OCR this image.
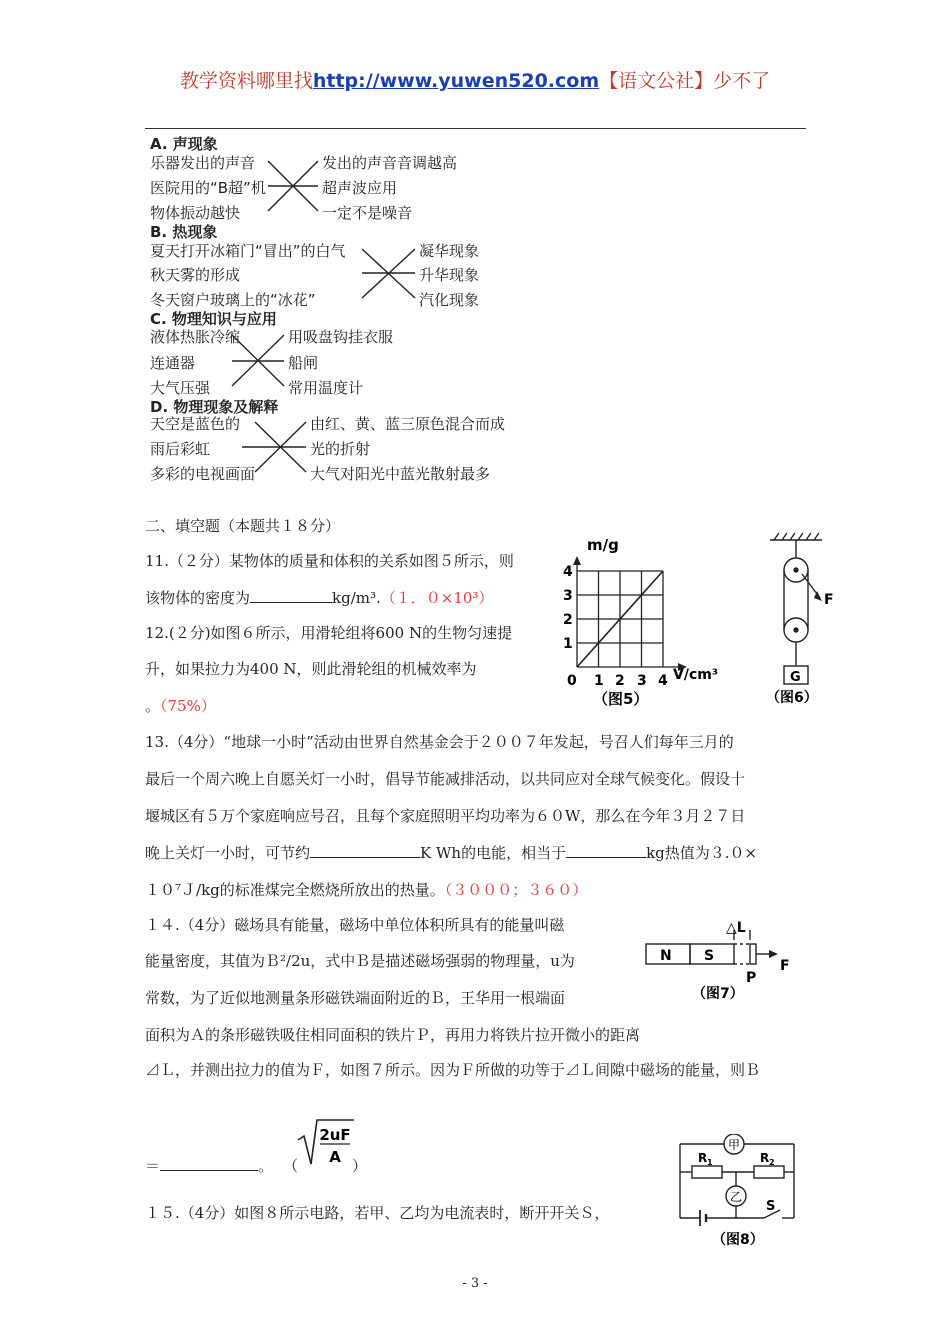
教学资料哪里找http://www.yuwen520.com【语文公社】少不了
A. 声现象
乐器发出的声音
医院用的“B超”机
物体振动越快
发出的声音音调越高
超声波应用
一定不是噪音
B. 热现象
夏天打开冰箱门“冒出”的白气
秋天雾的形成
冬天窗户玻璃上的“冰花”
凝华现象
升华现象
汽化现象
C. 物理知识与应用
液体热胀冷缩
连通器
大气压强
用吸盘钩挂衣服
船闸
常用温度计
D. 物理现象及解释
天空是蓝色的
雨后彩虹
多彩的电视画面
由红、黄、蓝三原色混合而成
光的折射
大气对阳光中蓝光散射最多
二、填空题（本题共１８分）
11.（２分）某物体的质量和体积的关系如图５所示，则
该物体的密度为	kg/m³.（１．０×10³）
12.(２分)如图６所示，用滑轮组将600 N的生物匀速提
升，如果拉力为400 N，则此滑轮组的机械效率为
。（75%）
m/g
4
3
2
1
0 1 2 3 4 V/cm³
（图5）
F
G
（图6）
13.（4分）“地球一小时”活动由世界自然基金会于２００７年发起，号召人们每年三月的
最后一个周六晚上自愿关灯一小时，倡导节能减排活动，以共同应对全球气候变化。假设十
堰城区有５万个家庭响应号召，且每个家庭照明平均功率为６０W，那么在今年３月２７日
晚上关灯一小时，可节约	K Wh的电能，相当于	kg热值为３.０×
１０⁷Ｊ/kg的标准煤完全燃烧所放出的热量。（３０００；３６０）
１４.（4分）磁场具有能量，磁场中单位体积所具有的能量叫磁
能量密度，其值为Ｂ²/2u，式中Ｂ是描述磁场强弱的物理量，u为
常数，为了近似地测量条形磁铁端面附近的Ｂ，王华用一根端面
面积为Ａ的条形磁铁吸住相同面积的铁片Ｐ，再用力将铁片拉开微小的距离
⊿Ｌ，并测出拉力的值为Ｆ，如图７所示。因为Ｆ所做的功等于⊿Ｌ间隙中磁场的能量，则Ｂ
△L
N S
P
F
（图7）
＝	。 （
2uF
A ）
甲
乙
R 1	R 2
S
（图8）
１５.（4分）如图８所示电路，若甲、乙均为电流表时，断开开关Ｓ，
- 3 -
